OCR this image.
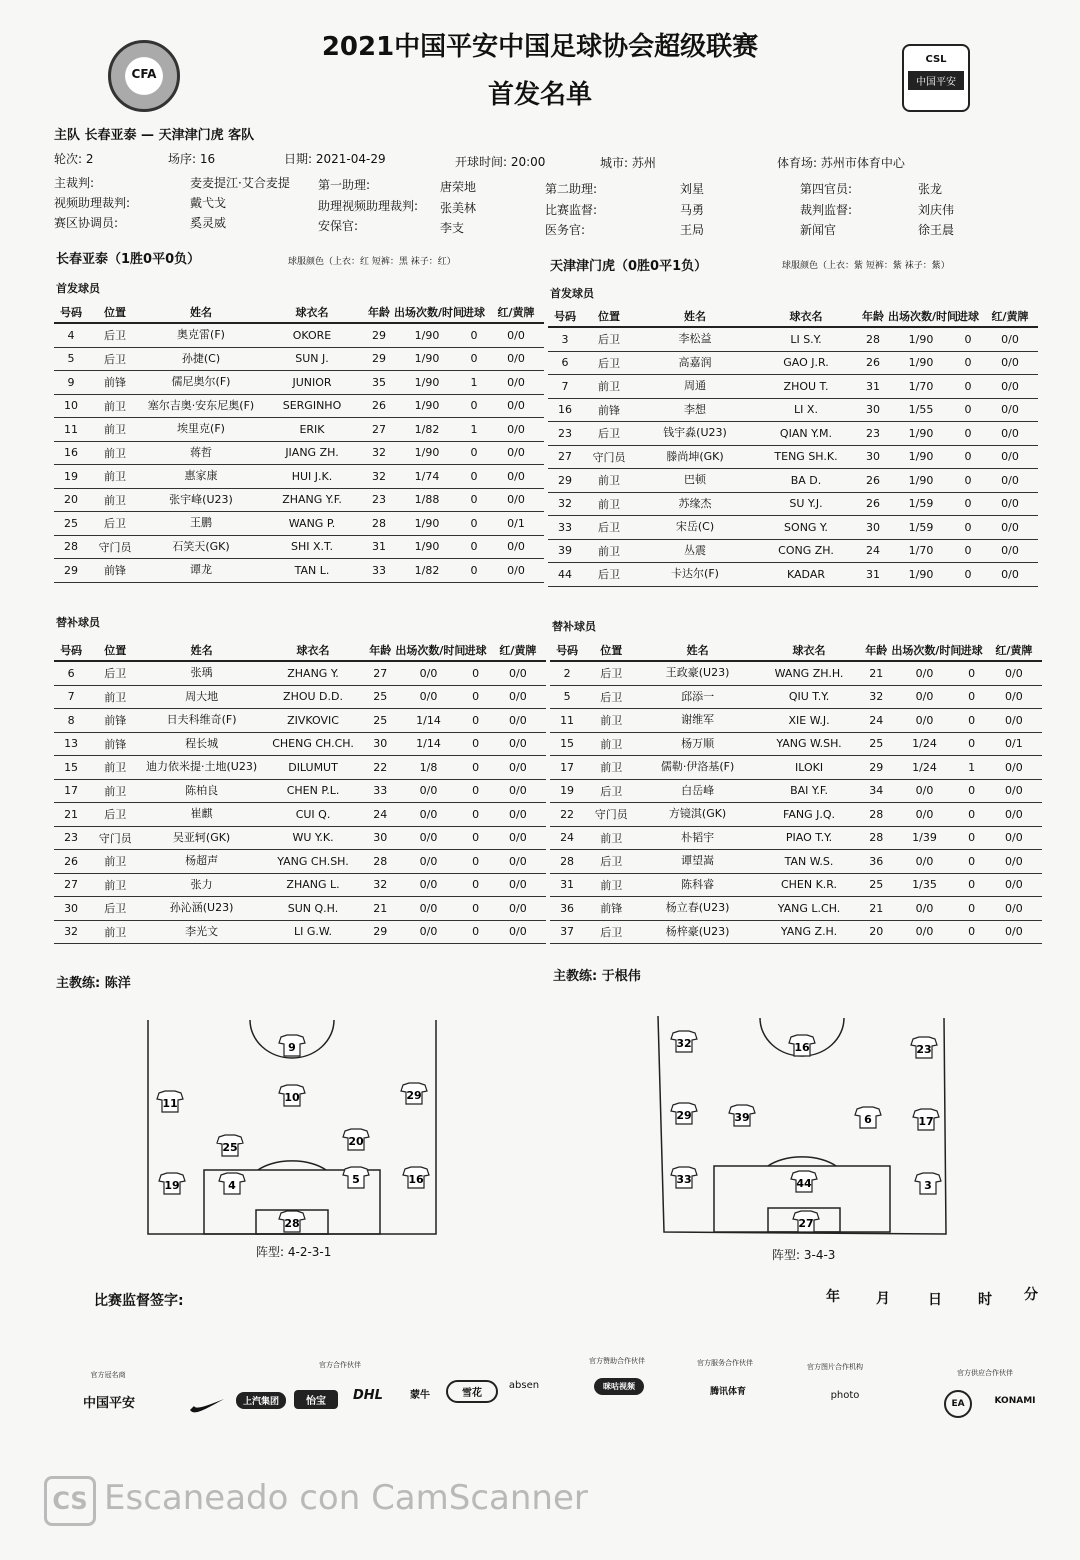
CFA
CSL
中国平安
2021中国平安中国足球协会超级联赛
首发名单
主队 长春亚泰 — 天津津门虎 客队
轮次: 2	场序: 16	日期: 2021-04-29	开球时间: 20:00	城市: 苏州	体育场: 苏州市体育中心
主裁判:	麦麦提江·艾合麦提 第一助理:	唐荣地	第二助理:	刘星	第四官员:	张龙
视频助理裁判:	戴弋戈	助理视频助理裁判: 张美林	比赛监督:	马勇	裁判监督:	刘庆伟
赛区协调员:	奚灵威	安保官:	李支	医务官:	王局	新闻官	徐王晨
长春亚泰（1胜0平0负）	球服颜色（上衣：红 短裤：黑 袜子：红）	天津津门虎（0胜0平1负）	球服颜色（上衣：紫 短裤：紫 袜子：紫）
首发球员	首发球员
号码	位置	姓名	球衣名	年龄	出场次数/时间	进球	红/黄牌
4	后卫	奥克雷(F)	OKORE	29	1/90	0	0/0
5	后卫	孙捷(C)	SUN J.	29	1/90	0	0/0
9	前锋	儒尼奥尔(F)	JUNIOR	35	1/90	1	0/0
10	前卫	塞尔吉奥·安东尼奥(F)	SERGINHO	26	1/90	0	0/0
11	前卫	埃里克(F)	ERIK	27	1/82	1	0/0
16	前卫	蒋哲	JIANG ZH.	32	1/90	0	0/0
19	前卫	惠家康	HUI J.K.	32	1/74	0	0/0
20	前卫	张宇峰(U23)	ZHANG Y.F.	23	1/88	0	0/0
25	后卫	王鹏	WANG P.	28	1/90	0	0/1
28	守门员	石笑天(GK)	SHI X.T.	31	1/90	0	0/0
29	前锋	谭龙	TAN L.	33	1/82	0	0/0
号码	位置	姓名	球衣名	年龄	出场次数/时间	进球	红/黄牌
3	后卫	李松益	LI S.Y.	28	1/90	0	0/0
6	后卫	高嘉润	GAO J.R.	26	1/90	0	0/0
7	前卫	周通	ZHOU T.	31	1/70	0	0/0
16	前锋	李想	LI X.	30	1/55	0	0/0
23	后卫	钱宇淼(U23)	QIAN Y.M.	23	1/90	0	0/0
27	守门员	滕尚坤(GK)	TENG SH.K.	30	1/90	0	0/0
29	前卫	巴顿	BA D.	26	1/90	0	0/0
32	前卫	苏缘杰	SU Y.J.	26	1/59	0	0/0
33	后卫	宋岳(C)	SONG Y.	30	1/59	0	0/0
39	前卫	丛震	CONG ZH.	24	1/70	0	0/0
44	后卫	卡达尔(F)	KADAR	31	1/90	0	0/0
替补球员	替补球员
号码	位置	姓名	球衣名	年龄	出场次数/时间	进球	红/黄牌
6	后卫	张瑀	ZHANG Y.	27	0/0	0	0/0
7	前卫	周大地	ZHOU D.D.	25	0/0	0	0/0
8	前锋	日夫科维奇(F)	ZIVKOVIC	25	1/14	0	0/0
13	前锋	程长城	CHENG CH.CH.	30	1/14	0	0/0
15	前卫	迪力依米提·土地(U23)	DILUMUT	22	1/8	0	0/0
17	前卫	陈柏良	CHEN P.L.	33	0/0	0	0/0
21	后卫	崔麒	CUI Q.	24	0/0	0	0/0
23	守门员	吴亚轲(GK)	WU Y.K.	30	0/0	0	0/0
26	前卫	杨超声	YANG CH.SH.	28	0/0	0	0/0
27	前卫	张力	ZHANG L.	32	0/0	0	0/0
30	后卫	孙沁涵(U23)	SUN Q.H.	21	0/0	0	0/0
32	前卫	李光文	LI G.W.	29	0/0	0	0/0
号码	位置	姓名	球衣名	年龄	出场次数/时间	进球	红/黄牌
2	后卫	王政豪(U23)	WANG ZH.H.	21	0/0	0	0/0
5	后卫	邱添一	QIU T.Y.	32	0/0	0	0/0
11	前卫	谢维军	XIE W.J.	24	0/0	0	0/0
15	前卫	杨万顺	YANG W.SH.	25	1/24	0	0/1
17	前卫	儒勒·伊洛基(F)	ILOKI	29	1/24	1	0/0
19	后卫	白岳峰	BAI Y.F.	34	0/0	0	0/0
22	守门员	方镜淇(GK)	FANG J.Q.	28	0/0	0	0/0
24	前卫	朴韬宇	PIAO T.Y.	28	1/39	0	0/0
28	后卫	谭望嵩	TAN W.S.	36	0/0	0	0/0
31	前卫	陈科睿	CHEN K.R.	25	1/35	0	0/0
36	前锋	杨立春(U23)	YANG L.CH.	21	0/0	0	0/0
37	后卫	杨梓豪(U23)	YANG Z.H.	20	0/0	0	0/0
主教练: 陈洋	主教练: 于根伟
9
11	10	29
25	20
19	4	5	16
28
阵型: 4-2-3-1
32	16	23
29	39	6	17
33	44	3
27
阵型: 3-4-3
比赛监督签字:	年	月	日	时 分
官方冠名商
官方合作伙伴	官方赞助合作伙伴	官方服务合作伙伴	官方图片合作机构
官方供应合作伙伴
中国平安	上汽集团	怡宝	DHL	蒙牛	雪花
absen	咪咕视频
腾讯体育	photo
EA	KONAMI
CS Escaneado con CamScanner
